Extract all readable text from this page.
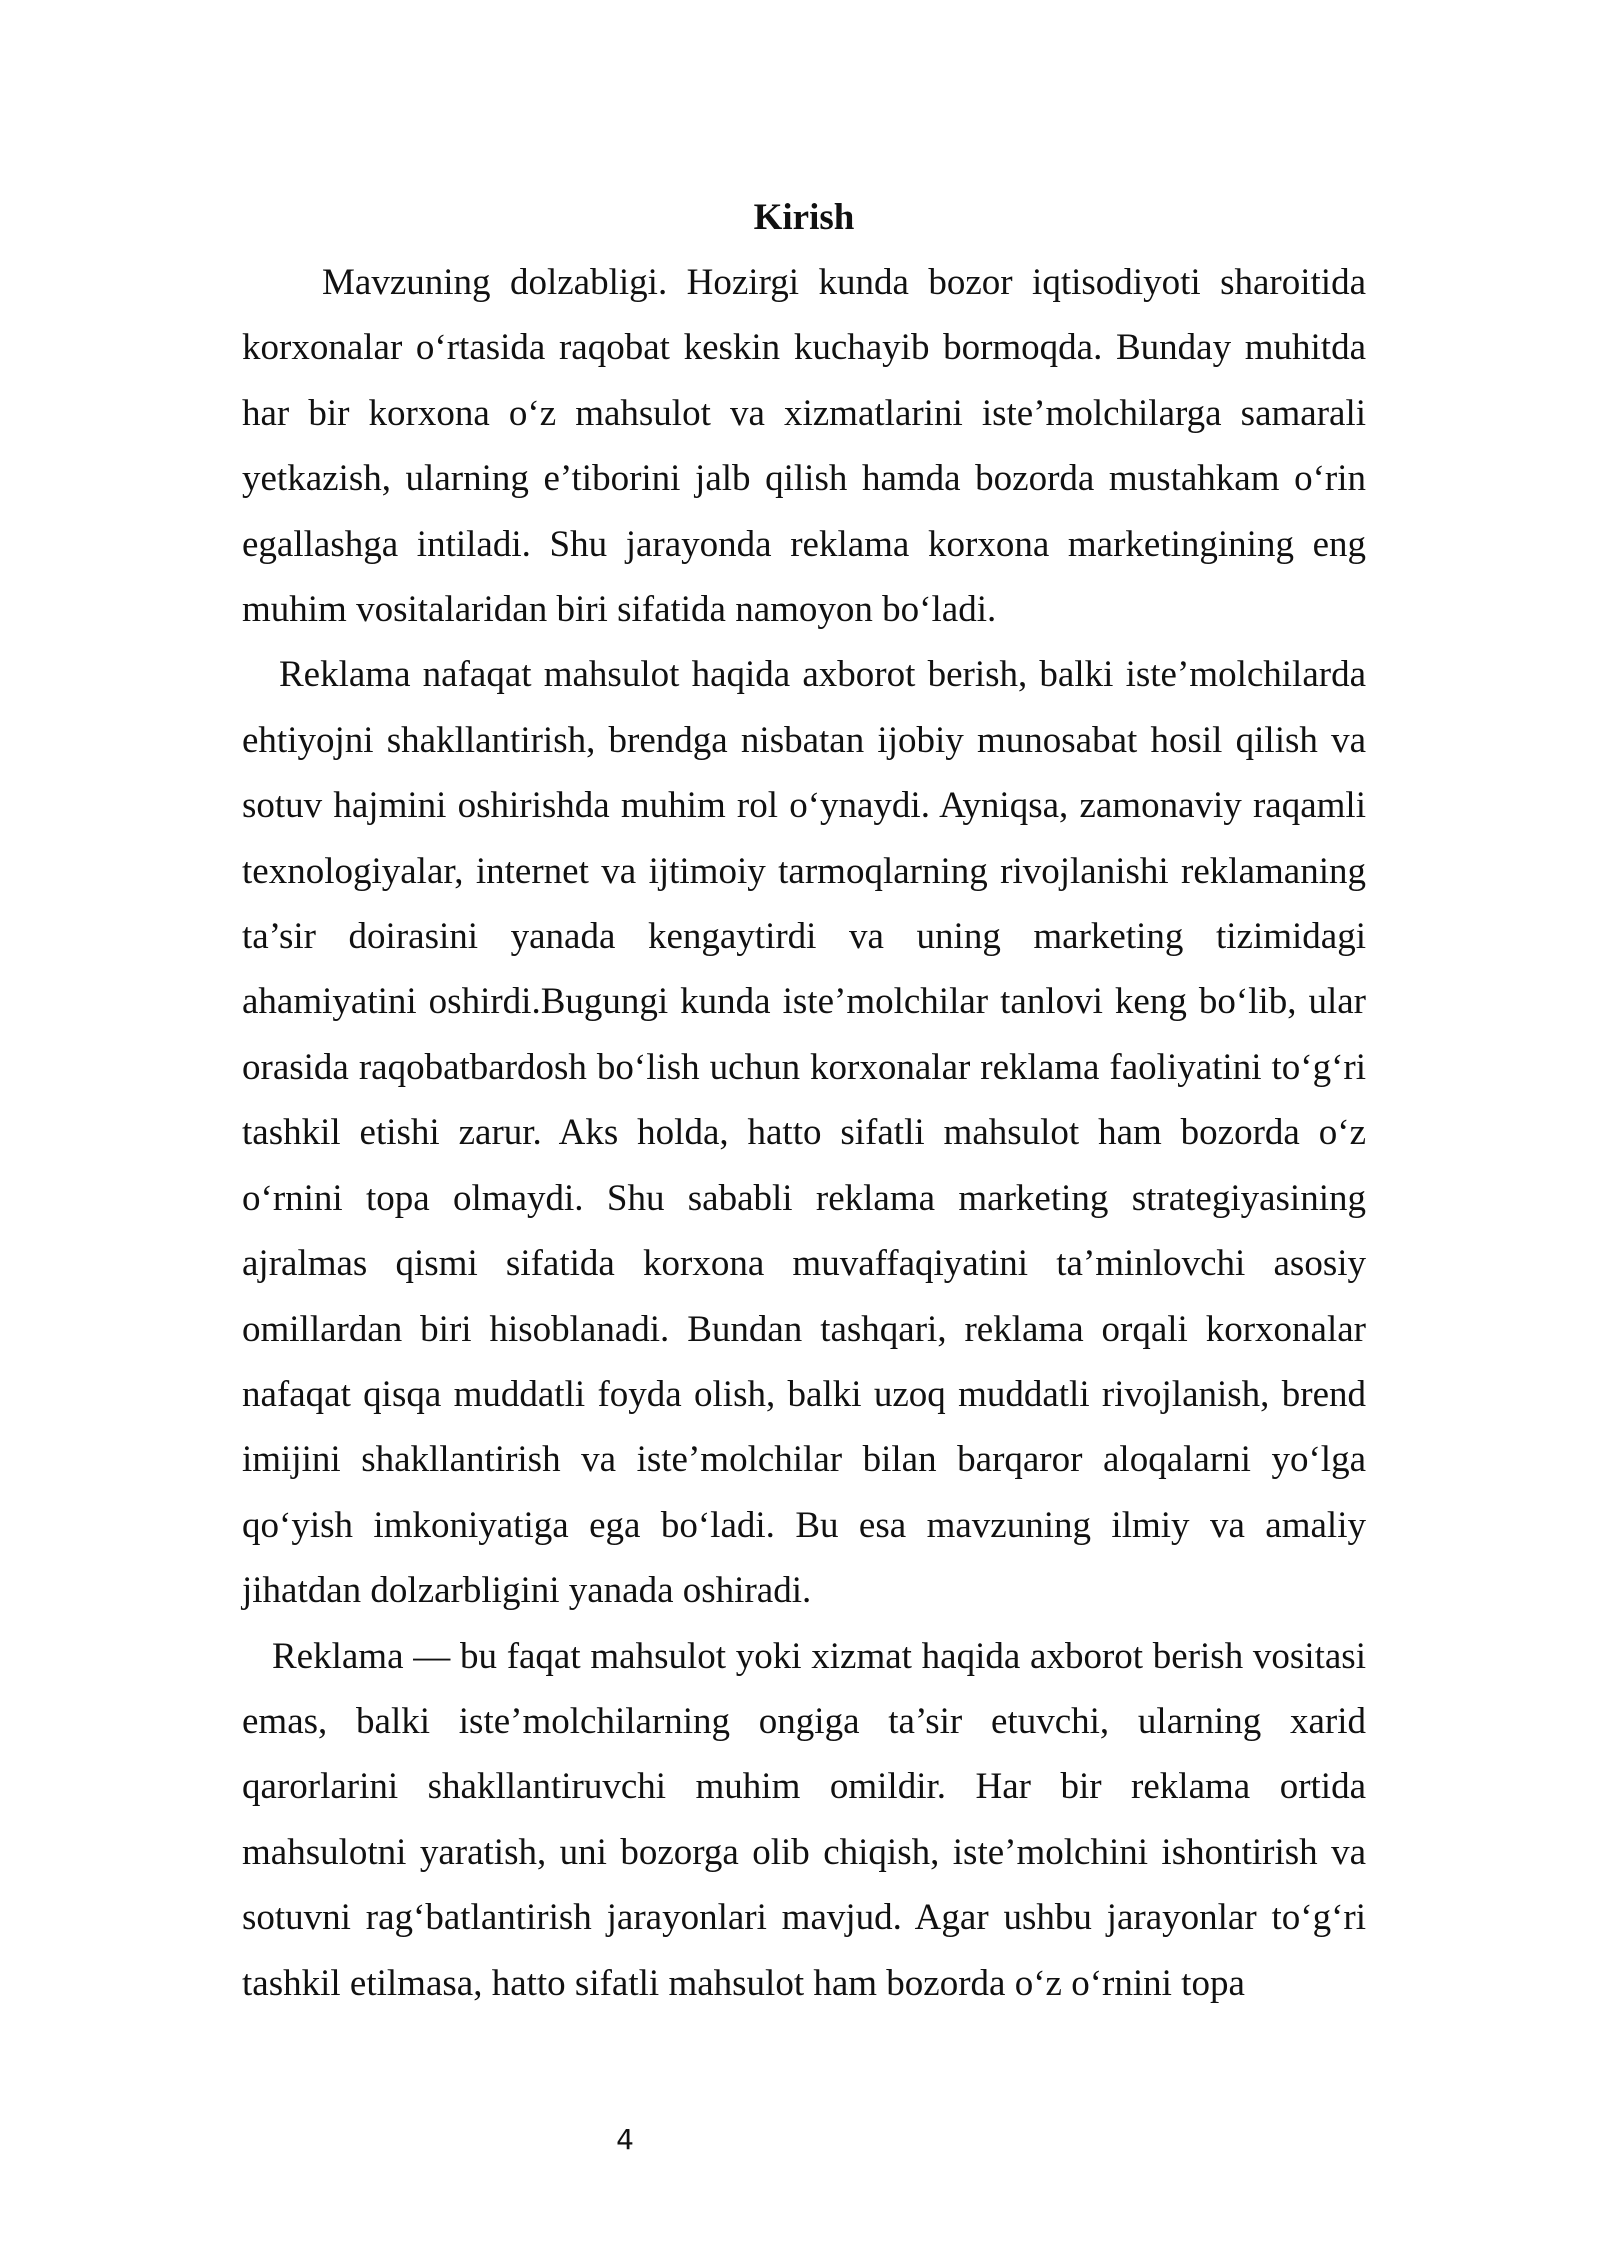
Kirish

Mavzuning dolzabligi. Hozirgi kunda bozor iqtisodiyoti sharoitida korxonalar o‘rtasida raqobat keskin kuchayib bormoqda. Bunday muhitda har bir korxona o‘z mahsulot va xizmatlarini iste’molchilarga samarali yetkazish, ularning e’tiborini jalb qilish hamda bozorda mustahkam o‘rin egallashga intiladi. Shu jarayonda reklama korxona marketingining eng muhim vositalaridan biri sifatida namoyon bo‘ladi.

Reklama nafaqat mahsulot haqida axborot berish, balki iste’molchilarda ehtiyojni shakllantirish, brendga nisbatan ijobiy munosabat hosil qilish va sotuv hajmini oshirishda muhim rol o‘ynaydi. Ayniqsa, zamonaviy raqamli texnologiyalar, internet va ijtimoiy tarmoqlarning rivojlanishi reklamaning ta’sir doirasini yanada kengaytirdi va uning marketing tizimidagi ahamiyatini oshirdi.Bugungi kunda iste’molchilar tanlovi keng bo‘lib, ular orasida raqobatbardosh bo‘lish uchun korxonalar reklama faoliyatini to‘g‘ri tashkil etishi zarur. Aks holda, hatto sifatli mahsulot ham bozorda o‘z o‘rnini topa olmaydi. Shu sababli reklama marketing strategiyasining ajralmas qismi sifatida korxona muvaffaqiyatini ta’minlovchi asosiy omillardan biri hisoblanadi. Bundan tashqari, reklama orqali korxonalar nafaqat qisqa muddatli foyda olish, balki uzoq muddatli rivojlanish, brend imijini shakllantirish va iste’molchilar bilan barqaror aloqalarni yo‘lga qo‘yish imkoniyatiga ega bo‘ladi. Bu esa mavzuning ilmiy va amaliy jihatdan dolzarbligini yanada oshiradi.

Reklama — bu faqat mahsulot yoki xizmat haqida axborot berish vositasi emas, balki iste’molchilarning ongiga ta’sir etuvchi, ularning xarid qarorlarini shakllantiruvchi muhim omildir. Har bir reklama ortida mahsulotni yaratish, uni bozorga olib chiqish, iste’molchini ishontirish va sotuvni rag‘batlantirish jarayonlari mavjud. Agar ushbu jarayonlar to‘g‘ri tashkil etilmasa, hatto sifatli mahsulot ham bozorda o‘z o‘rnini topa

4
